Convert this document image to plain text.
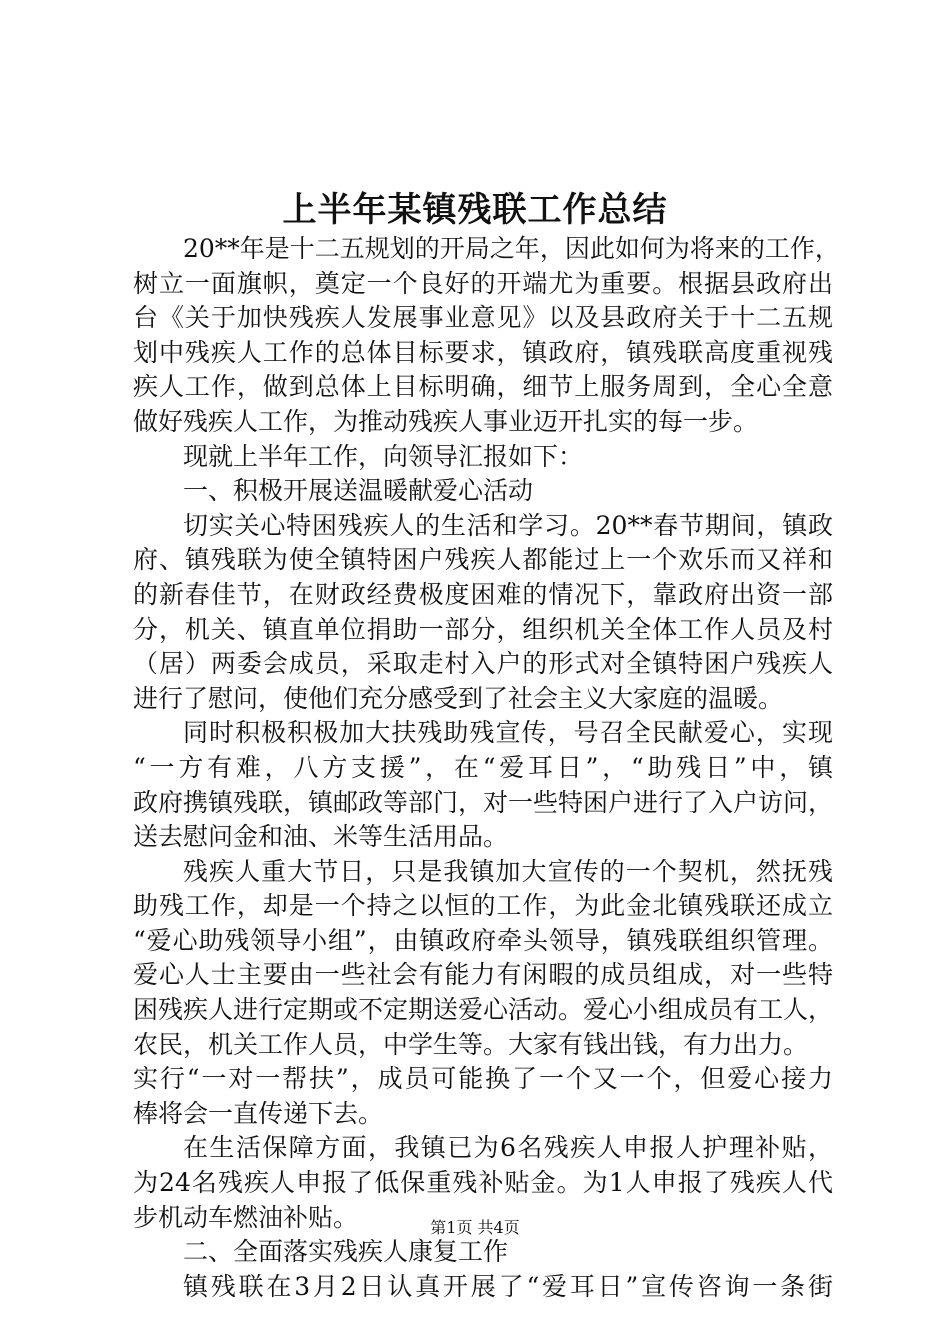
上半年某镇残联工作总结
20**年是十二五规划的开局之年，因此如何为将来的工作，
树立一面旗帜，奠定一个良好的开端尤为重要。根据县政府出
台《关于加快残疾人发展事业意见》以及县政府关于十二五规
划中残疾人工作的总体目标要求，镇政府，镇残联高度重视残
疾人工作，做到总体上目标明确，细节上服务周到，全心全意
做好残疾人工作，为推动残疾人事业迈开扎实的每一步。
现就上半年工作，向领导汇报如下：
一、积极开展送温暖献爱心活动
切实关心特困残疾人的生活和学习。20**春节期间，镇政
府、镇残联为使全镇特困户残疾人都能过上一个欢乐而又祥和
的新春佳节，在财政经费极度困难的情况下，靠政府出资一部
分，机关、镇直单位捐助一部分，组织机关全体工作人员及村
（居）两委会成员，采取走村入户的形式对全镇特困户残疾人
进行了慰问，使他们充分感受到了社会主义大家庭的温暖。
同时积极积极加大扶残助残宣传，号召全民献爱心，实现
“一方有难，八方支援”，在“爱耳日”，“助残日”中，镇
政府携镇残联，镇邮政等部门，对一些特困户进行了入户访问，
送去慰问金和油、米等生活用品。
残疾人重大节日，只是我镇加大宣传的一个契机，然抚残
助残工作，却是一个持之以恒的工作，为此金北镇残联还成立
“爱心助残领导小组”，由镇政府牵头领导，镇残联组织管理。
爱心人士主要由一些社会有能力有闲暇的成员组成，对一些特
困残疾人进行定期或不定期送爱心活动。爱心小组成员有工人，
农民，机关工作人员，中学生等。大家有钱出钱，有力出力。
实行“一对一帮扶”，成员可能换了一个又一个，但爱心接力
棒将会一直传递下去。
在生活保障方面，我镇已为6名残疾人申报人护理补贴，
为24名残疾人申报了低保重残补贴金。为1人申报了残疾人代
步机动车燃油补贴。
二、全面落实残疾人康复工作
镇残联在3月2日认真开展了“爱耳日”宣传咨询一条街
第1页 共4页
